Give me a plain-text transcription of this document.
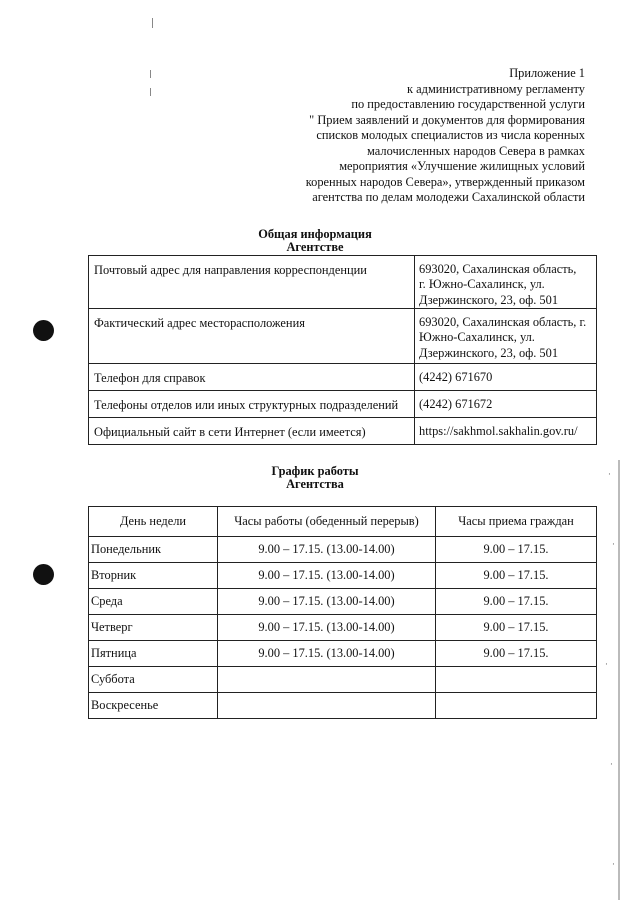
·
·
·
·
·
Приложение 1
к административному регламенту
по предоставлению государственной услуги
" Прием заявлений и документов для формирования
списков молодых специалистов из числа коренных
малочисленных народов Севера в рамках
мероприятия «Улучшение жилищных условий
коренных народов Севера», утвержденный приказом
агентства по делам молодежи Сахалинской области
Общая информация
Агентстве
Почтовый адрес для направления корреспонденции	693020, Сахалинская область,
г. Южно-Сахалинск, ул.
Дзержинского, 23, оф. 501

Фактический адрес месторасположения	693020, Сахалинская область, г.
Южно-Сахалинск, ул.
Дзержинского, 23, оф. 501

Телефон для справок	(4242) 671670

Телефоны отделов или иных структурных подразделений	(4242) 671672

Официальный сайт в сети Интернет (если имеется)	https://sakhmol.sakhalin.gov.ru/
График работы
Агентства
День недели	Часы работы (обеденный перерыв)	Часы приема граждан
Понедельник	9.00 – 17.15. (13.00-14.00)	9.00 – 17.15.
Вторник	9.00 – 17.15. (13.00-14.00)	9.00 – 17.15.
Среда	9.00 – 17.15. (13.00-14.00)	9.00 – 17.15.
Четверг	9.00 – 17.15. (13.00-14.00)	9.00 – 17.15.
Пятница	9.00 – 17.15. (13.00-14.00)	9.00 – 17.15.
Суббота		
Воскресенье		
